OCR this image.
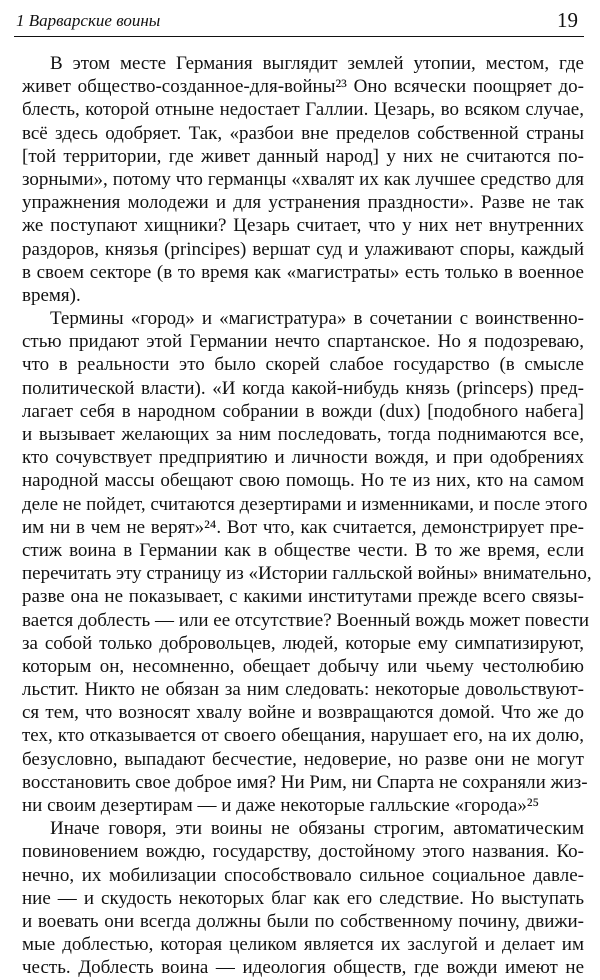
1 Варварские воины	19
В этом месте Германия выглядит землей утопии, местом, где
живет общество-созданное-для-войны²³ Оно всячески поощряет до-
блесть, которой отныне недостает Галлии. Цезарь, во всяком случае,
всё здесь одобряет. Так, «разбои вне пределов собственной страны
[той территории, где живет данный народ] у них не считаются по-
зорными», потому что германцы «хвалят их как лучшее средство для
упражнения молодежи и для устранения праздности». Разве не так
же поступают хищники? Цезарь считает, что у них нет внутренних
раздоров, князья (principes) вершат суд и улаживают споры, каждый
в своем секторе (в то время как «магистраты» есть только в военное
время).
Термины «город» и «магистратура» в сочетании с воинственно-
стью придают этой Германии нечто спартанское. Но я подозреваю,
что в реальности это было скорей слабое государство (в смысле
политической власти). «И когда какой-нибудь князь (princeps) пред-
лагает себя в народном собрании в вожди (dux) [подобного набега]
и вызывает желающих за ним последовать, тогда поднимаются все,
кто сочувствует предприятию и личности вождя, и при одобрениях
народной массы обещают свою помощь. Но те из них, кто на самом
деле не пойдет, считаются дезертирами и изменниками, и после этого
им ни в чем не верят»²⁴. Вот что, как считается, демонстрирует пре-
стиж воина в Германии как в обществе чести. В то же время, если
перечитать эту страницу из «Истории галльской войны» внимательно,
разве она не показывает, с какими институтами прежде всего связы-
вается доблесть — или ее отсутствие? Военный вождь может повести
за собой только добровольцев, людей, которые ему симпатизируют,
которым он, несомненно, обещает добычу или чьему честолюбию
льстит. Никто не обязан за ним следовать: некоторые довольствуют-
ся тем, что возносят хвалу войне и возвращаются домой. Что же до
тех, кто отказывается от своего обещания, нарушает его, на их долю,
безусловно, выпадают бесчестие, недоверие, но разве они не могут
восстановить свое доброе имя? Ни Рим, ни Спарта не сохраняли жиз-
ни своим дезертирам — и даже некоторые галльские «города»²⁵
Иначе говоря, эти воины не обязаны строгим, автоматическим
повиновением вождю, государству, достойному этого названия. Ко-
нечно, их мобилизации способствовало сильное социальное давле-
ние — и скудость некоторых благ как его следствие. Но выступать
и воевать они всегда должны были по собственному почину, движи-
мые доблестью, которая целиком является их заслугой и делает им
честь. Доблесть воина — идеология обществ, где вожди имеют не
